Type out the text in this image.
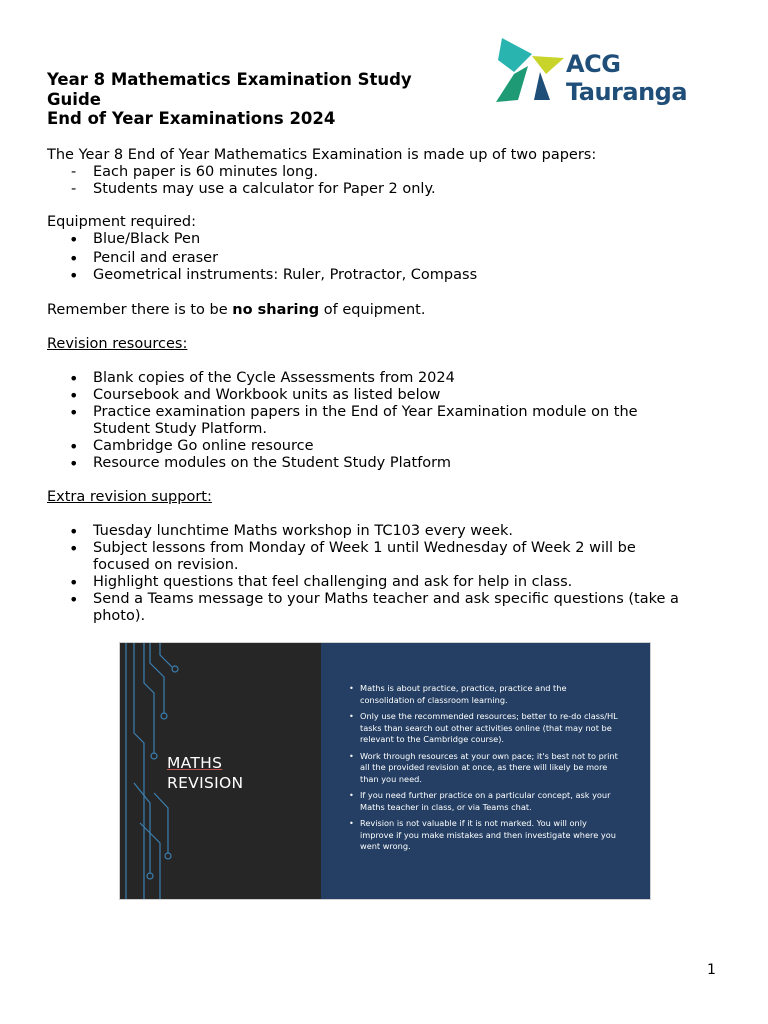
Year 8 Mathematics Examination Study
Guide
End of Year Examinations 2024
ACG
Tauranga

The Year 8 End of Year Mathematics Examination is made up of two papers:

- Each paper is 60 minutes long.
- Students may use a calculator for Paper 2 only.

Equipment required:

• Blue/Black Pen
• Pencil and eraser
• Geometrical instruments: Ruler, Protractor, Compass

Remember there is to be no sharing of equipment.

Revision resources:

• Blank copies of the Cycle Assessments from 2024
• Coursebook and Workbook units as listed below
• Practice examination papers in the End of Year Examination module on the Student Study Platform.
• Cambridge Go online resource
• Resource modules on the Student Study Platform

Extra revision support:

• Tuesday lunchtime Maths workshop in TC103 every week.
• Subject lessons from Monday of Week 1 until Wednesday of Week 2 will be focused on revision.
• Highlight questions that feel challenging and ask for help in class.
• Send a Teams message to your Maths teacher and ask specific questions (take a photo).
MATHS
REVISION
• Maths is about practice, practice, practice and the consolidation of classroom learning.
• Only use the recommended resources; better to re-do class/HL tasks than search out other activities online (that may not be relevant to the Cambridge course).
• Work through resources at your own pace; it's best not to print all the provided revision at once, as there will likely be more than you need.
• If you need further practice on a particular concept, ask your Maths teacher in class, or via Teams chat.
• Revision is not valuable if it is not marked. You will only improve if you make mistakes and then investigate where you went wrong.
1
